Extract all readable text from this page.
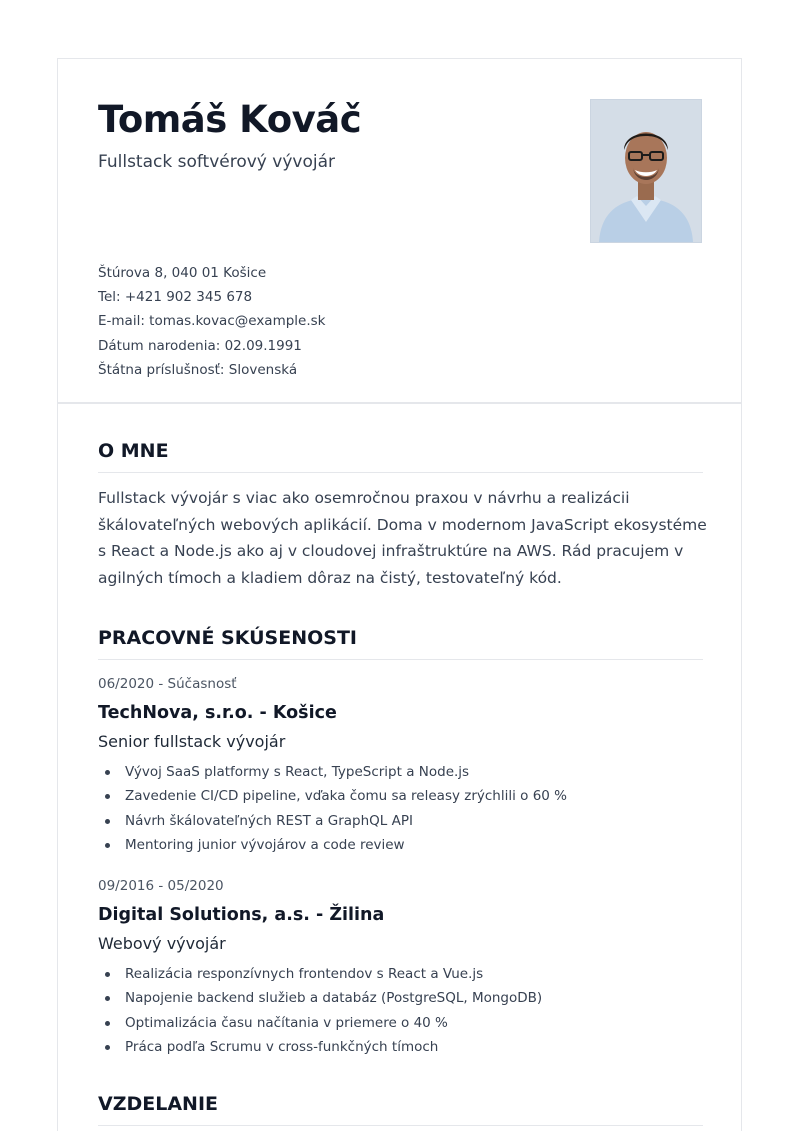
Tomáš Kováč
Fullstack softvérový vývojár
Štúrova 8, 040 01 Košice
Tel: +421 902 345 678
E-mail: tomas.kovac@example.sk
Dátum narodenia: 02.09.1991
Štátna príslušnosť: Slovenská
O MNE
Fullstack vývojár s viac ako osemročnou praxou v návrhu a realizácii
škálovateľných webových aplikácií. Doma v modernom JavaScript ekosystéme
s React a Node.js ako aj v cloudovej infraštruktúre na AWS. Rád pracujem v
agilných tímoch a kladiem dôraz na čistý, testovateľný kód.
PRACOVNÉ SKÚSENOSTI
06/2020 - Súčasnosť
TechNova, s.r.o. - Košice
Senior fullstack vývojár
Vývoj SaaS platformy s React, TypeScript a Node.js
Zavedenie CI/CD pipeline, vďaka čomu sa releasy zrýchlili o 60 %
Návrh škálovateľných REST a GraphQL API
Mentoring junior vývojárov a code review
09/2016 - 05/2020
Digital Solutions, a.s. - Žilina
Webový vývojár
Realizácia responzívnych frontendov s React a Vue.js
Napojenie backend služieb a databáz (PostgreSQL, MongoDB)
Optimalizácia času načítania v priemere o 40 %
Práca podľa Scrumu v cross-funkčných tímoch
VZDELANIE
